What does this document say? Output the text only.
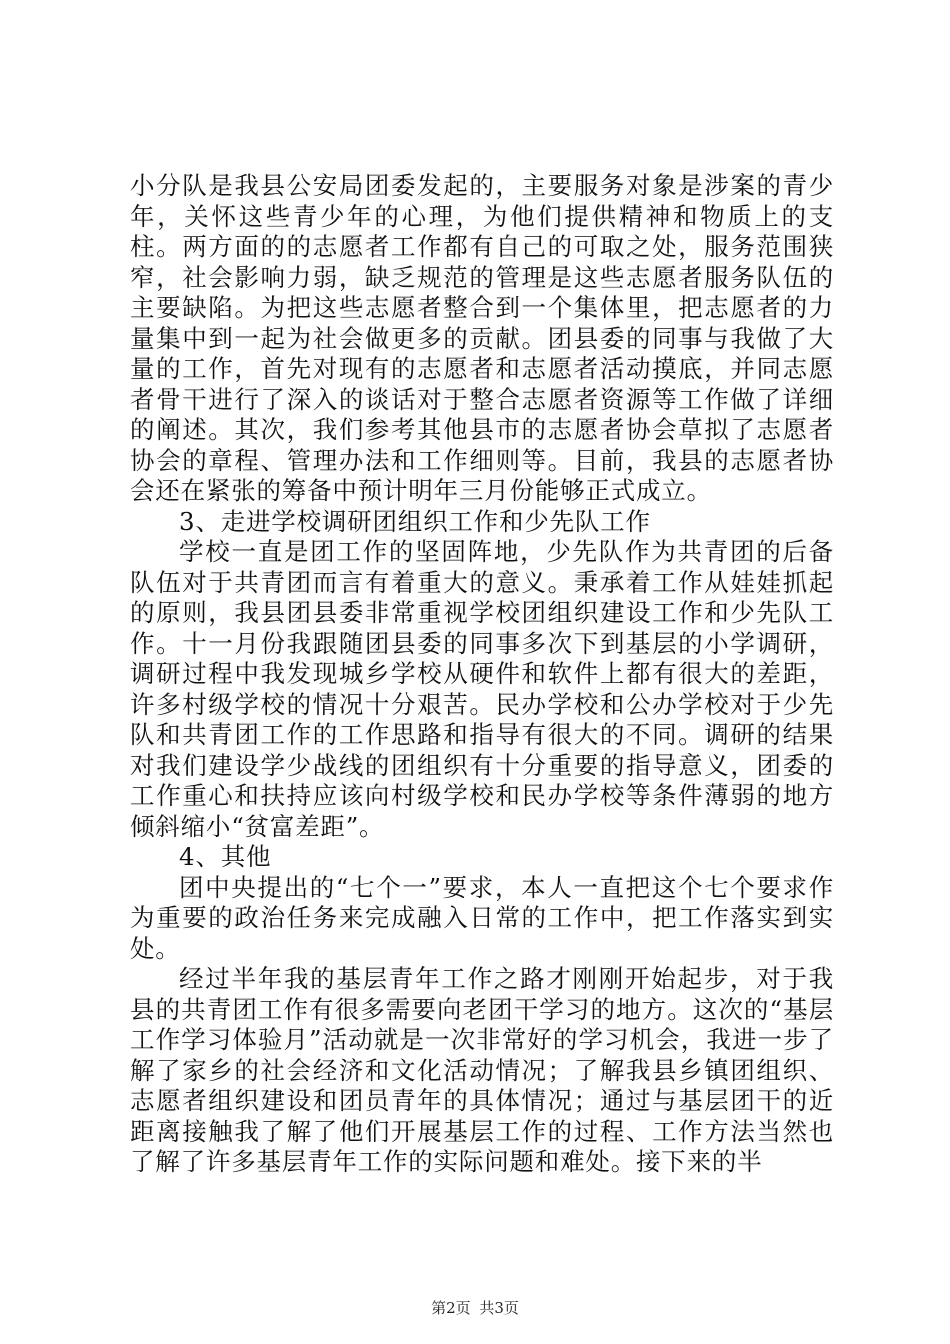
小分队是我县公安局团委发起的，主要服务对象是涉案的青少年，关怀这些青少年的心理，为他们提供精神和物质上的支柱。两方面的的志愿者工作都有自己的可取之处，服务范围狭窄，社会影响力弱，缺乏规范的管理是这些志愿者服务队伍的主要缺陷。为把这些志愿者整合到一个集体里，把志愿者的力量集中到一起为社会做更多的贡献。团县委的同事与我做了大量的工作，首先对现有的志愿者和志愿者活动摸底，并同志愿者骨干进行了深入的谈话对于整合志愿者资源等工作做了详细的阐述。其次，我们参考其他县市的志愿者协会草拟了志愿者协会的章程、管理办法和工作细则等。目前，我县的志愿者协会还在紧张的筹备中预计明年三月份能够正式成立。

3、走进学校调研团组织工作和少先队工作

学校一直是团工作的坚固阵地，少先队作为共青团的后备队伍对于共青团而言有着重大的意义。秉承着工作从娃娃抓起的原则，我县团县委非常重视学校团组织建设工作和少先队工作。十一月份我跟随团县委的同事多次下到基层的小学调研，调研过程中我发现城乡学校从硬件和软件上都有很大的差距，许多村级学校的情况十分艰苦。民办学校和公办学校对于少先队和共青团工作的工作思路和指导有很大的不同。调研的结果对我们建设学少战线的团组织有十分重要的指导意义，团委的工作重心和扶持应该向村级学校和民办学校等条件薄弱的地方倾斜缩小“贫富差距”。

4、其他

团中央提出的“七个一”要求，本人一直把这个七个要求作为重要的政治任务来完成融入日常的工作中，把工作落实到实处。

经过半年我的基层青年工作之路才刚刚开始起步，对于我县的共青团工作有很多需要向老团干学习的地方。这次的“基层工作学习体验月”活动就是一次非常好的学习机会，我进一步了解了家乡的社会经济和文化活动情况；了解我县乡镇团组织、志愿者组织建设和团员青年的具体情况；通过与基层团干的近距离接触我了解了他们开展基层工作的过程、工作方法当然也了解了许多基层青年工作的实际问题和难处。接下来的半

第2页 共3页
